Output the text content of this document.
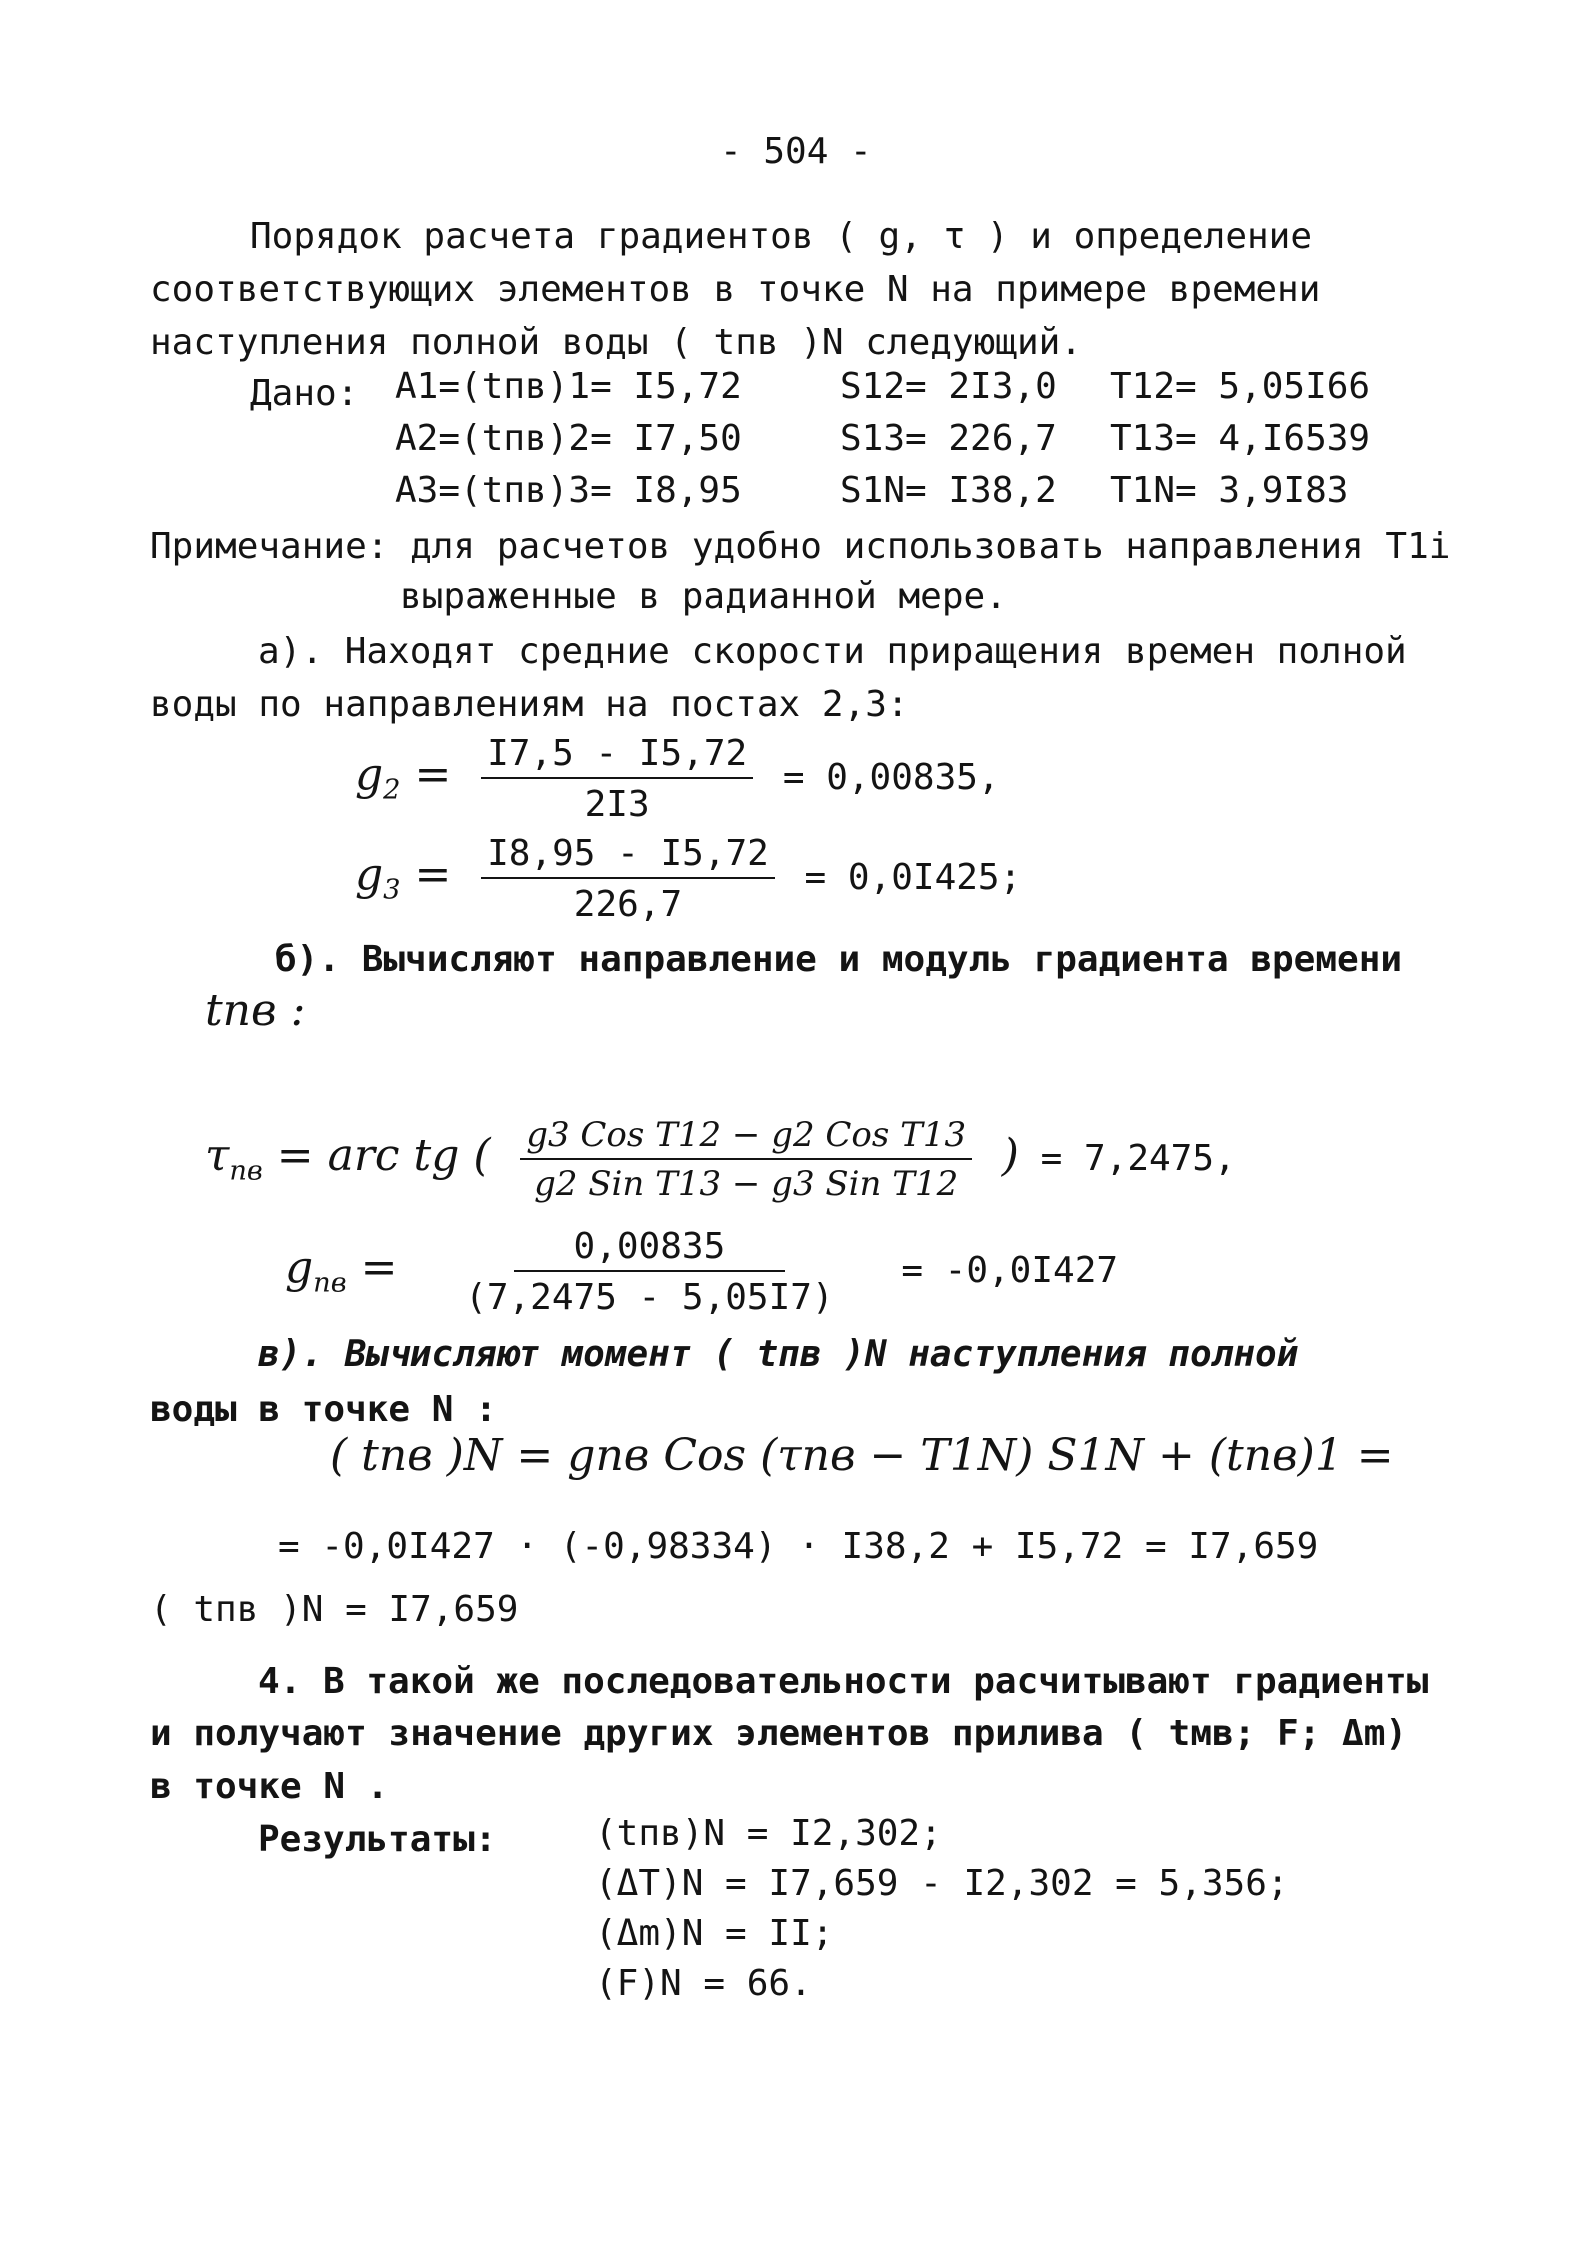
- 504 -
Порядок расчета градиентов ( g, τ ) и определение
соответствующих элементов в точке N на примере времени
наступления полной воды ( tпв )N следующий.
Дано: A1=(tпв)1= I5,72	S12= 2I3,0 T12= 5,05I66
A2=(tпв)2= I7,50	S13= 226,7 T13= 4,I6539
A3=(tпв)3= I8,95	S1N= I38,2 T1N= 3,9I83
Примечание: для расчетов удобно использовать направления T1i
выраженные в радианной мере.
а). Находят средние скорости приращения времен полной
воды по направлениям на постах 2,3:
$g_2 = \frac{I7,5 - I5,72}{2I3} = 0,00835$,
$g_3 = \frac{I8,95 - I5,72}{226,7} = 0,0I425$;
б). Вычисляют направление и модуль градиента времени
tпв :
$\tau_{пв}$ = arc tg ( $\frac{\text{g3 Cos T12 − g2 Cos T13}}{\text{g2 Sin T13 − g3 Sin T12}}$ ) = 7,2475,
$g_{пв} = \frac{0,00835}{(7,2475 - 5,05I7)} = -0,0I427$
в). Вычисляют момент ( tпв )N наступления полной
воды в точке N :
( tпв )N = gпв Cos (τпв − T1N) S1N + (tпв)1 =
= -0,0I427 · (-0,98334) · I38,2 + I5,72 = I7,659
( tпв )N = I7,659
4. В такой же последовательности расчитывают градиенты
и получают значение других элементов прилива ( tмв; F; Δm)
в точке N .
Результаты:	(tпв)N = I2,302;
(ΔT)N = I7,659 - I2,302 = 5,356;
(Δm)N = II;
(F)N = 66.
